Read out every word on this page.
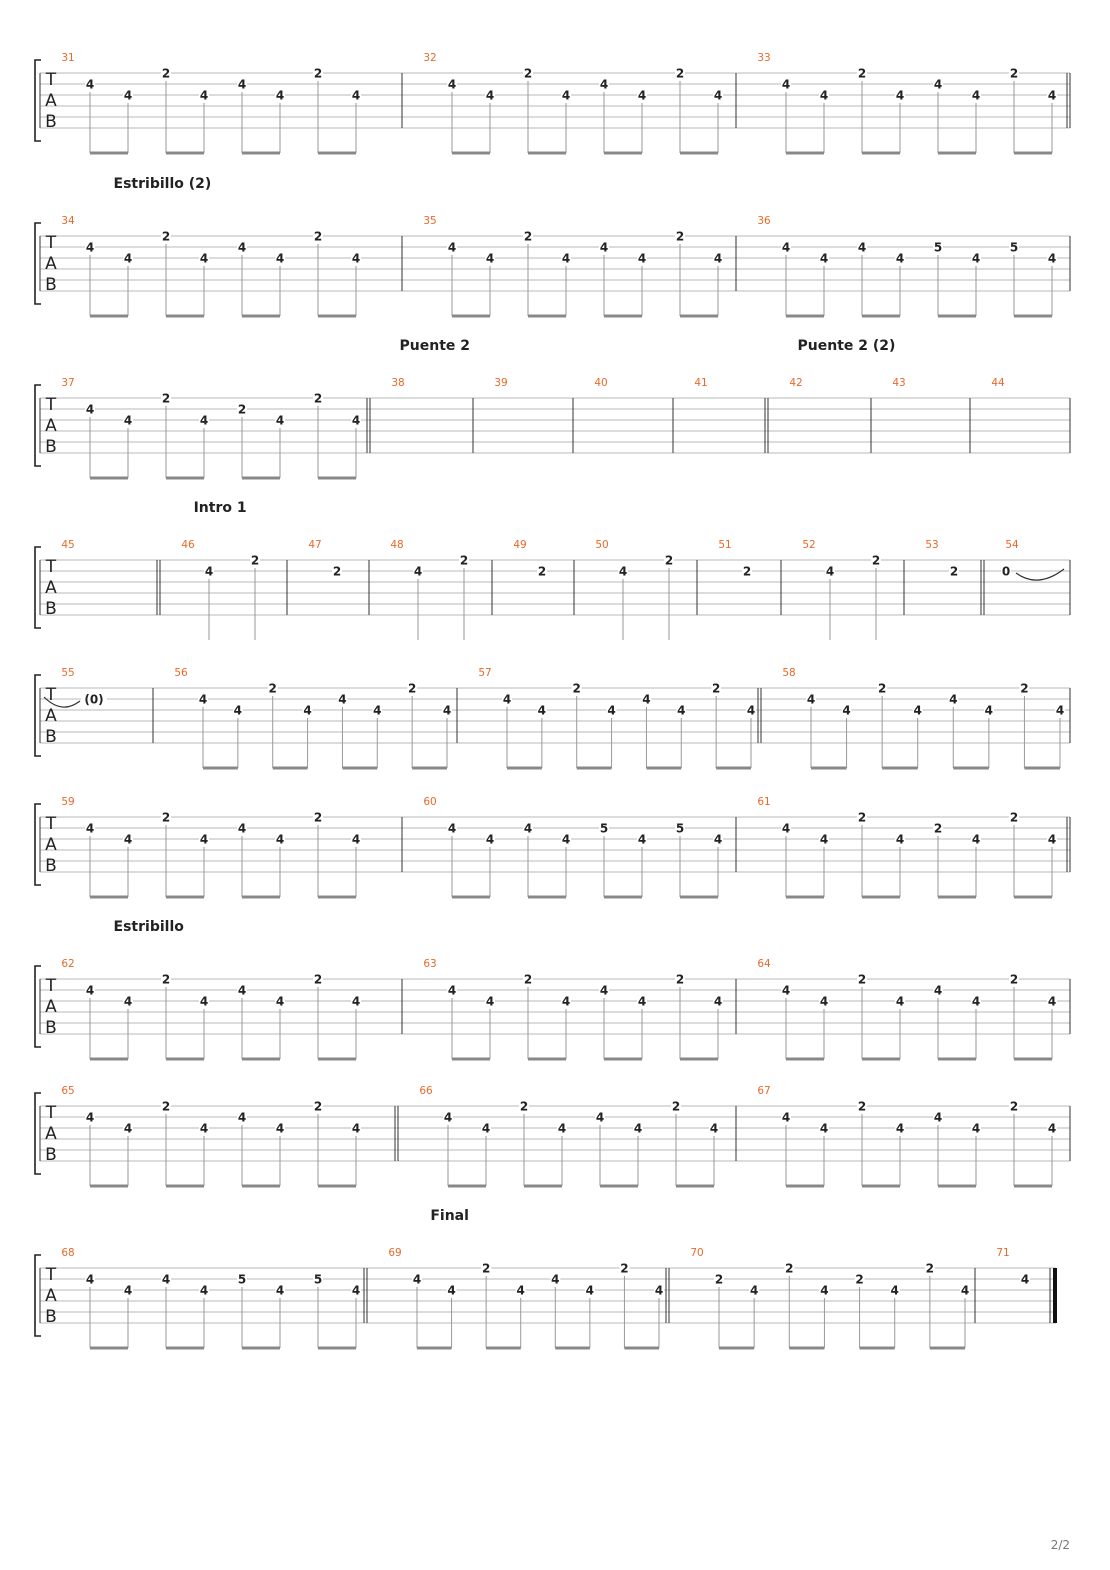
T
A
B
31
4
4
2
4
4
4
2
4
32
4
4
2
4
4
4
2
4
33
4
4
2
4
4
4
2
4
T
A
B
Estribillo (2)
34
4
4
2
4
4
4
2
4
35
4
4
2
4
4
4
2
4
36
4
4
4
4
5
4
5
4
T
A
B
Puente 2	Puente 2 (2)
37
4
4
2
4
2
4
2
4
38	39	40	41	42	43	44
T
A
B
Intro 1
45	46
4
2
47
2
48
4
2
49
2
50
4
2
51
2
52
4
2
53
2
54
0
T
A
B
55
(0)
56
4
4
2
4
4
4
2
4
57
4
4
2
4
4
4
2
4
58
4
4
2
4
4
4
2
4
T
A
B
59
4
4
2
4
4
4
2
4
60
4
4
4
4
5
4
5
4
61
4
4
2
4
2
4
2
4
T
A
B
Estribillo
62
4
4
2
4
4
4
2
4
63
4
4
2
4
4
4
2
4
64
4
4
2
4
4
4
2
4
T
A
B
65
4
4
2
4
4
4
2
4
66
4
4
2
4
4
4
2
4
67
4
4
2
4
4
4
2
4
T
A
B
Final
68
4
4
4
4
5
4
5
4
69
4
4
2
4
4
4
2
4
70
2
4
2
4
2
4
2
4
71
4
2/2
